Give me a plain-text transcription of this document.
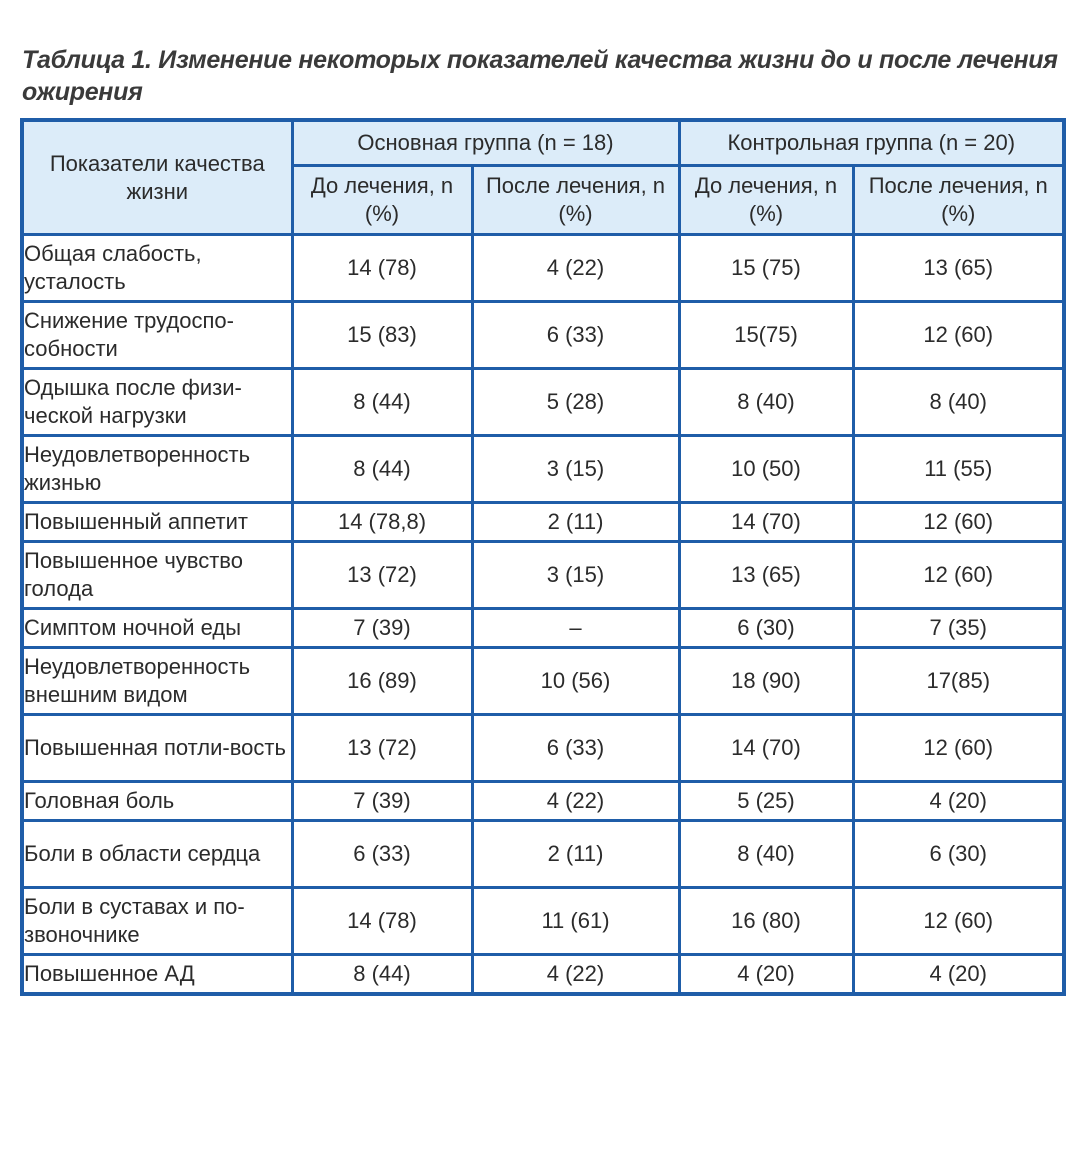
Таблица 1. Изменение некоторых показателей качества жизни до и после лечения ожирения
Показатели качества жизни	Основная группа (n = 18)		Контрольная группа (n = 20)	
	До лечения, n (%)	После лечения, n (%)	До лечения, n (%)	После лечения, n (%)
Общая слабость, усталость	14 (78)	4 (22)	15 (75)	13 (65)
Снижение трудоспо-собности	15 (83)	6 (33)	15(75)	12 (60)
Одышка после физи-ческой нагрузки	8 (44)	5 (28)	8 (40)	8 (40)
Неудовлетворенность жизнью	8 (44)	3 (15)	10 (50)	11 (55)
Повышенный аппетит	14 (78,8)	2 (11)	14 (70)	12 (60)
Повышенное чувство голода	13 (72)	3 (15)	13 (65)	12 (60)
Симптом ночной еды	7 (39)	–	6 (30)	7 (35)
Неудовлетворенность внешним видом	16 (89)	10 (56)	18 (90)	17(85)
Повышенная потли-вость	13 (72)	6 (33)	14 (70)	12 (60)
Головная боль	7 (39)	4 (22)	5 (25)	4 (20)
Боли в области сердца	6 (33)	2 (11)	8 (40)	6 (30)
Боли в суставах и по-звоночнике	14 (78)	11 (61)	16 (80)	12 (60)
Повышенное АД	8 (44)	4 (22)	4 (20)	4 (20)
